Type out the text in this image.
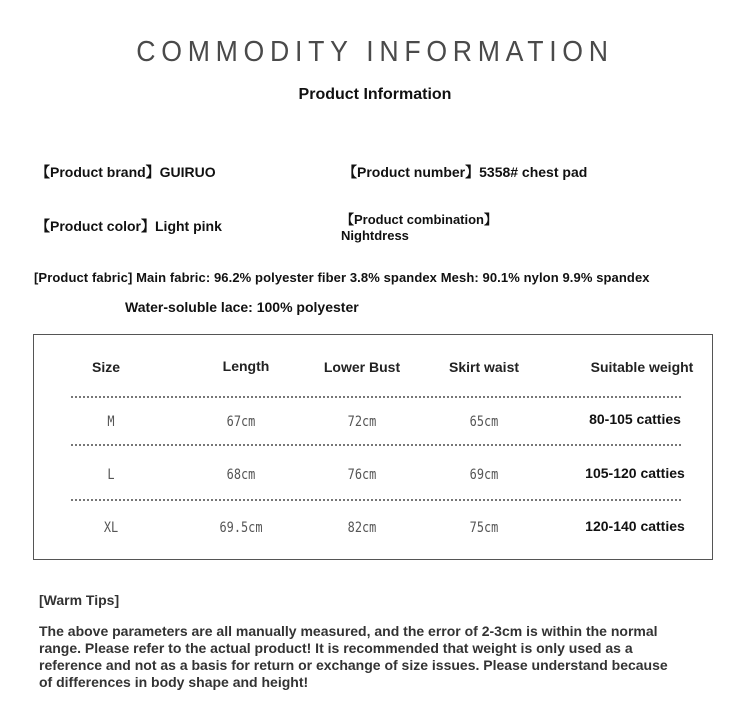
COMMODITY INFORMATION
Product Information
【Product brand】GUIRUO	【Product number】5358# chest pad
【Product color】Light pink	【Product combination】
Nightdress
[Product fabric] Main fabric: 96.2% polyester fiber 3.8% spandex Mesh: 90.1% nylon 9.9% spandex
Water-soluble lace: 100% polyester
Size	Length	Lower Bust	Skirt waist	Suitable weight
M	67cm	72cm	65cm	80-105 catties
L	68cm	76cm	69cm	105-120 catties
XL	69.5cm	82cm	75cm	120-140 catties
[Warm Tips]
The above parameters are all manually measured, and the error of 2-3cm is within the normal range. Please refer to the actual product! It is recommended that weight is only used as a reference and not as a basis for return or exchange of size issues. Please understand because of differences in body shape and height!
